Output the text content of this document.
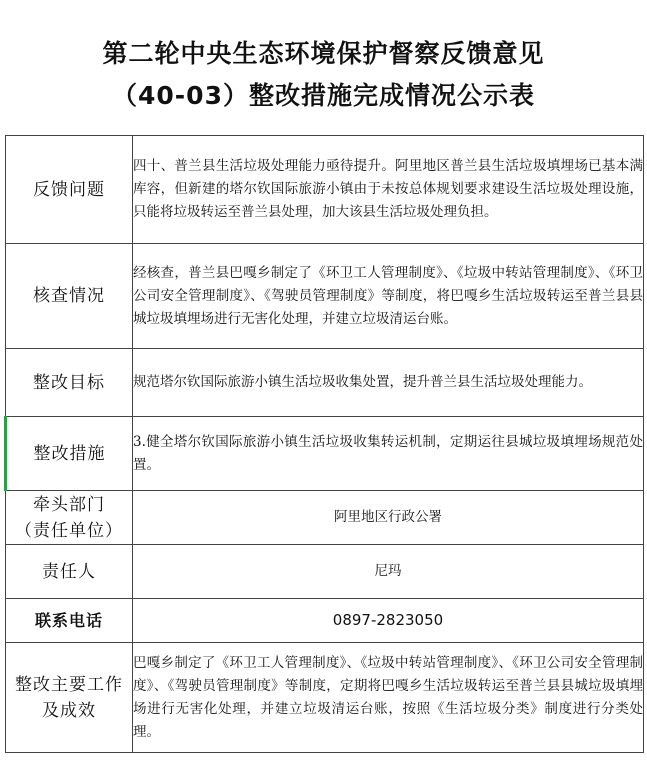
第二轮中央生态环境保护督察反馈意见
（40-03）整改措施完成情况公示表
反馈问题	四十、普兰县生活垃圾处理能力亟待提升。阿里地区普兰县生活垃圾填埋场已基本满库容，但新建的塔尔钦国际旅游小镇由于未按总体规划要求建设生活垃圾处理设施，只能将垃圾转运至普兰县处理，加大该县生活垃圾处理负担。
核查情况	经核查，普兰县巴嘎乡制定了《环卫工人管理制度》、《垃圾中转站管理制度》、《环卫公司安全管理制度》、《驾驶员管理制度》等制度，将巴嘎乡生活垃圾转运至普兰县县城垃圾填埋场进行无害化处理，并建立垃圾清运台账。
整改目标	规范塔尔钦国际旅游小镇生活垃圾收集处置，提升普兰县生活垃圾处理能力。
整改措施	3.健全塔尔钦国际旅游小镇生活垃圾收集转运机制，定期运往县城垃圾填埋场规范处置。

牵头部门
（责任单位）	阿里地区行政公署
责任人	尼玛
联系电话	0897-2823050

整改主要工作
及成效	巴嘎乡制定了《环卫工人管理制度》、《垃圾中转站管理制度》、《环卫公司安全管理制度》、《驾驶员管理制度》等制度，定期将巴嘎乡生活垃圾转运至普兰县县城垃圾填埋场进行无害化处理，并建立垃圾清运台账，按照《生活垃圾分类》制度进行分类处理。
